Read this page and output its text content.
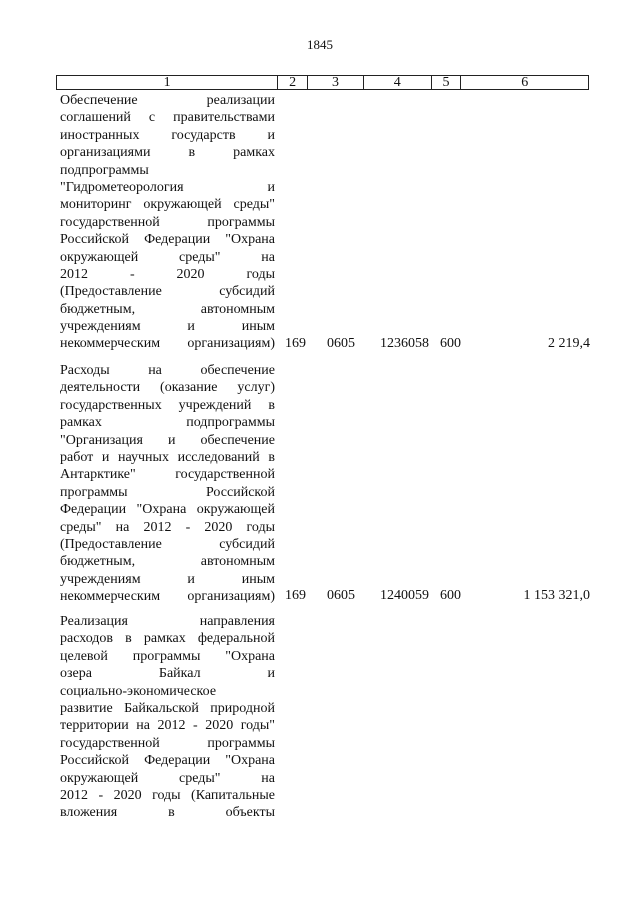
1845
1	2	3	4	5	6
Обеспечение реализации
соглашений с правительствами
иностранных государств и
организациями в рамках
подпрограммы
"Гидрометеорология и
мониторинг окружающей среды"
государственной программы
Российской Федерации "Охрана
окружающей среды" на
2012 - 2020 годы
(Предоставление субсидий
бюджетным, автономным
учреждениям и иным
некоммерческим организациям) 169 0605 1236058 600	2 219,4
Расходы на обеспечение
деятельности (оказание услуг)
государственных учреждений в
рамках подпрограммы
"Организация и обеспечение
работ и научных исследований в
Антарктике" государственной
программы Российской
Федерации "Охрана окружающей
среды" на 2012 - 2020 годы
(Предоставление субсидий
бюджетным, автономным
учреждениям и иным
некоммерческим организациям) 169 0605 1240059 600	1 153 321,0
Реализация направления
расходов в рамках федеральной
целевой программы "Охрана
озера Байкал и
социально-экономическое
развитие Байкальской природной
территории на 2012 - 2020 годы"
государственной программы
Российской Федерации "Охрана
окружающей среды" на
2012 - 2020 годы (Капитальные
вложения в объекты
